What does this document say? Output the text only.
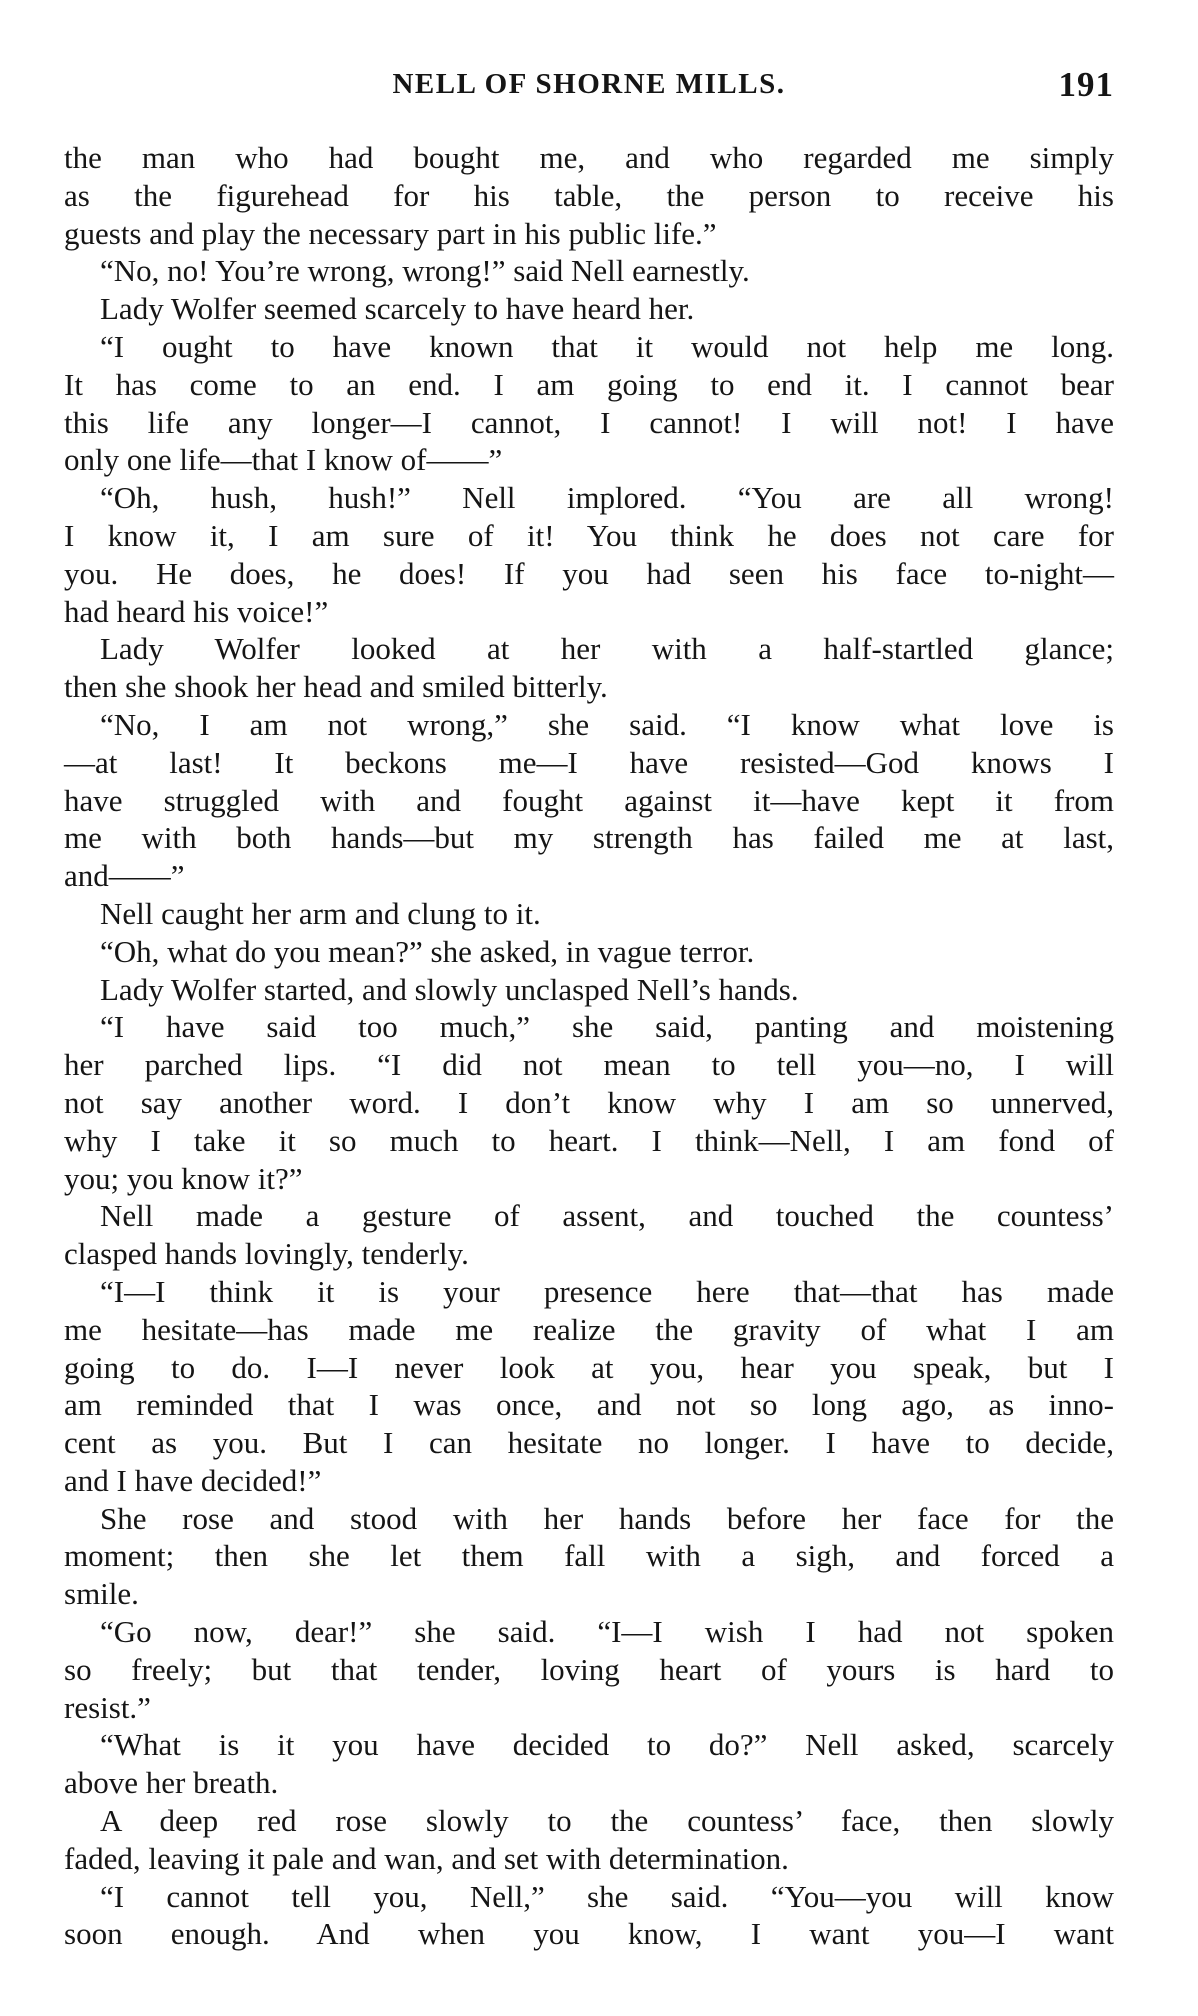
NELL OF SHORNE MILLS.	191
the man who had bought me, and who regarded me simply
as the figurehead for his table, the person to receive his
guests and play the necessary part in his public life.”
“No, no! You’re wrong, wrong!” said Nell earnestly.
Lady Wolfer seemed scarcely to have heard her.
“I ought to have known that it would not help me long.
It has come to an end. I am going to end it. I cannot bear
this life any longer—I cannot, I cannot! I will not! I have
only one life—that I know of——”
“Oh, hush, hush!” Nell implored. “You are all wrong!
I know it, I am sure of it! You think he does not care for
you. He does, he does! If you had seen his face to-night—
had heard his voice!”
Lady Wolfer looked at her with a half-startled glance;
then she shook her head and smiled bitterly.
“No, I am not wrong,” she said. “I know what love is
—at last! It beckons me—I have resisted—God knows I
have struggled with and fought against it—have kept it from
me with both hands—but my strength has failed me at last,
and——”
Nell caught her arm and clung to it.
“Oh, what do you mean?” she asked, in vague terror.
Lady Wolfer started, and slowly unclasped Nell’s hands.
“I have said too much,” she said, panting and moistening
her parched lips. “I did not mean to tell you—no, I will
not say another word. I don’t know why I am so unnerved,
why I take it so much to heart. I think—Nell, I am fond of
you; you know it?”
Nell made a gesture of assent, and touched the countess’
clasped hands lovingly, tenderly.
“I—I think it is your presence here that—that has made
me hesitate—has made me realize the gravity of what I am
going to do. I—I never look at you, hear you speak, but I
am reminded that I was once, and not so long ago, as inno-
cent as you. But I can hesitate no longer. I have to decide,
and I have decided!”
She rose and stood with her hands before her face for the
moment; then she let them fall with a sigh, and forced a
smile.
“Go now, dear!” she said. “I—I wish I had not spoken
so freely; but that tender, loving heart of yours is hard to
resist.”
“What is it you have decided to do?” Nell asked, scarcely
above her breath.
A deep red rose slowly to the countess’ face, then slowly
faded, leaving it pale and wan, and set with determination.
“I cannot tell you, Nell,” she said. “You—you will know
soon enough. And when you know, I want you—I want
